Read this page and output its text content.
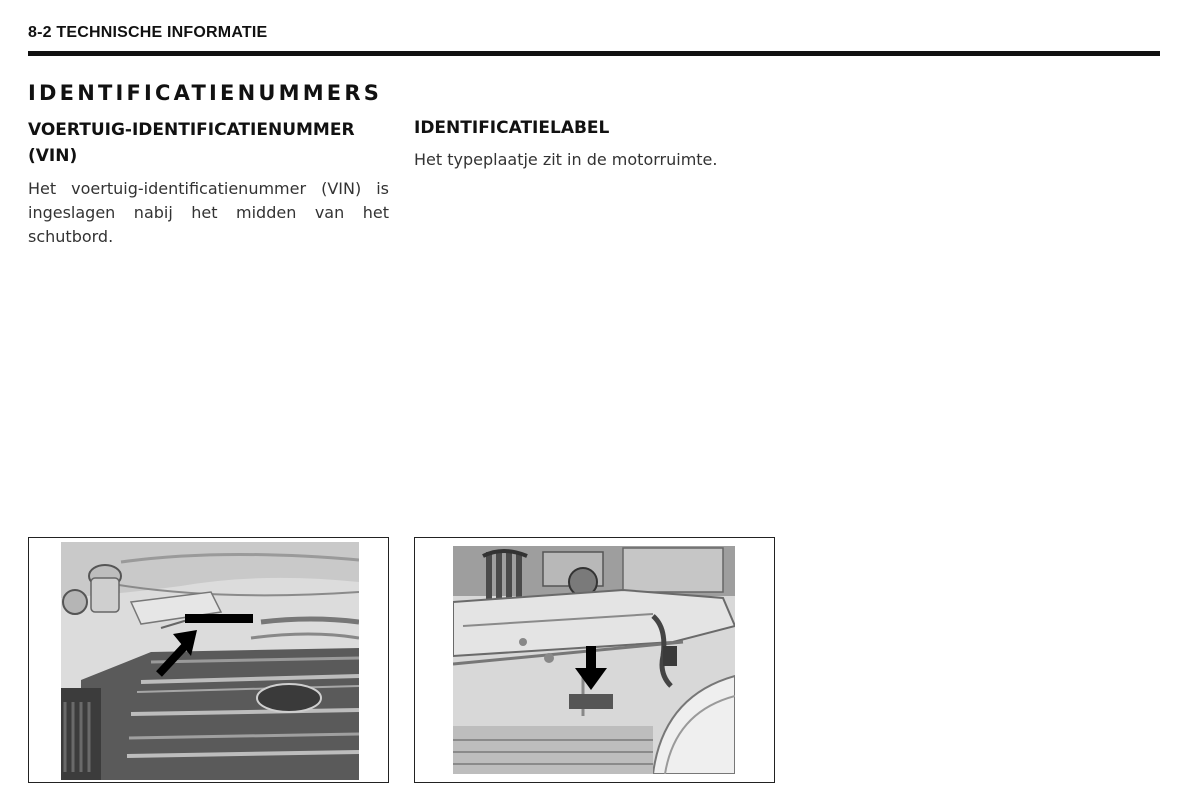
8-2 TECHNISCHE INFORMATIE
IDENTIFICATIENUMMERS
VOERTUIG-IDENTIFICATIENUMMER (VIN)
Het voertuig-identificatienummer (VIN) is ingeslagen nabij het midden van het schutbord.
IDENTIFICATIELABEL
Het typeplaatje zit in de motorruimte.
